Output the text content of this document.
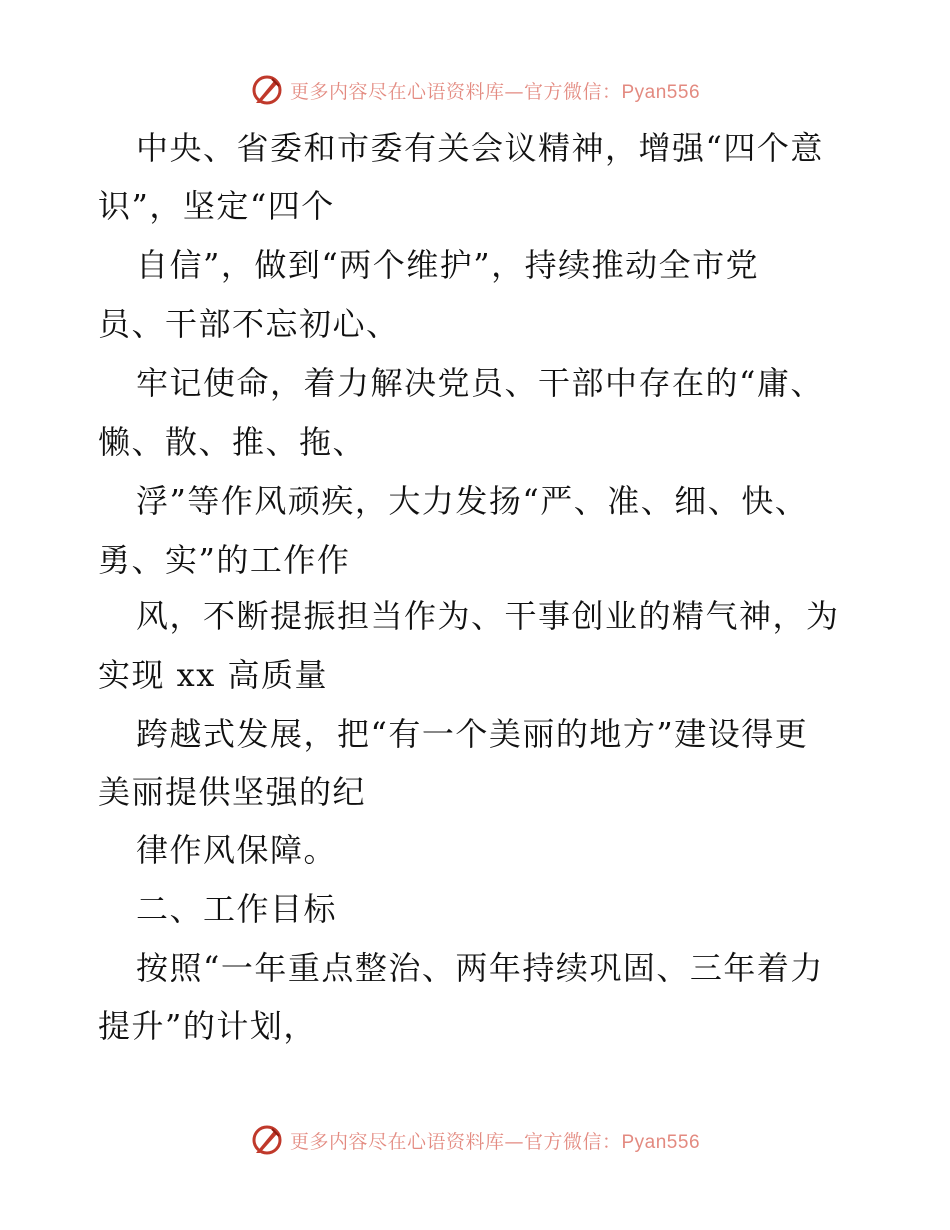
更多内容尽在心语资料库—官方微信：Pyan556
中央、省委和市委有关会议精神，增强“四个意
识”，坚定“四个
自信”，做到“两个维护”，持续推动全市党
员、干部不忘初心、
牢记使命，着力解决党员、干部中存在的“庸、
懒、散、推、拖、
浮”等作风顽疾，大力发扬“严、准、细、快、
勇、实”的工作作
风，不断提振担当作为、干事创业的精气神，为
实现 xx 高质量
跨越式发展，把“有一个美丽的地方”建设得更
美丽提供坚强的纪
律作风保障。
二、工作目标
按照“一年重点整治、两年持续巩固、三年着力
提升”的计划，
更多内容尽在心语资料库—官方微信：Pyan556
